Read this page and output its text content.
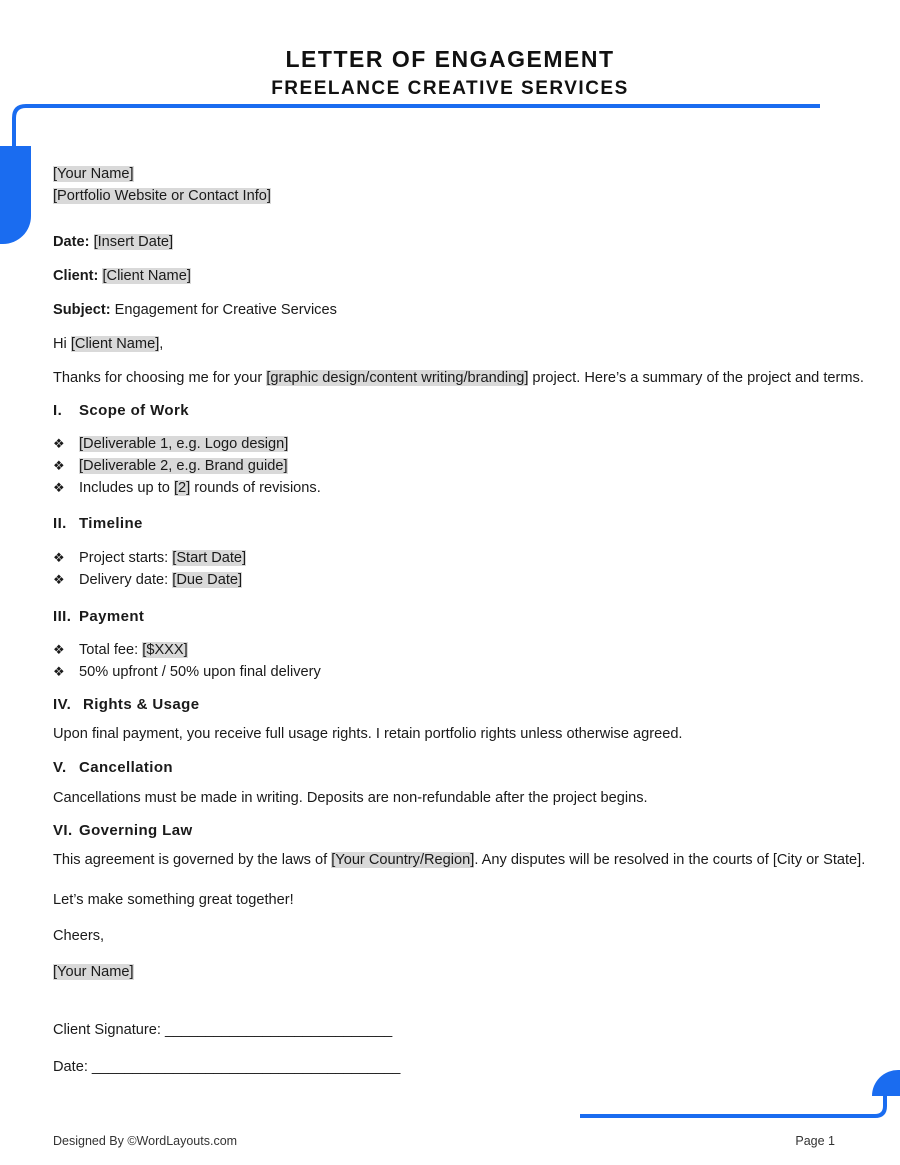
LETTER OF ENGAGEMENT
FREELANCE CREATIVE SERVICES
[Your Name]
[Portfolio Website or Contact Info]
Date: [Insert Date]
Client: [Client Name]
Subject: Engagement for Creative Services
Hi [Client Name],
Thanks for choosing me for your [graphic design/content writing/branding] project. Here’s a summary of the project and terms.
I. Scope of Work
❖ [Deliverable 1, e.g. Logo design]
❖ [Deliverable 2, e.g. Brand guide]
❖ Includes up to [2] rounds of revisions.
II. Timeline
❖ Project starts: [Start Date]
❖ Delivery date: [Due Date]
III. Payment
❖ Total fee: [$XXX]
❖ 50% upfront / 50% upon final delivery
IV. Rights & Usage
Upon final payment, you receive full usage rights. I retain portfolio rights unless otherwise agreed.
V. Cancellation
Cancellations must be made in writing. Deposits are non-refundable after the project begins.
VI. Governing Law
This agreement is governed by the laws of [Your Country/Region]. Any disputes will be resolved in the courts of [City or State].
Let’s make something great together!
Cheers,
[Your Name]
Client Signature: ____________________________
Date: ______________________________________
Designed By ©WordLayouts.com	Page 1
